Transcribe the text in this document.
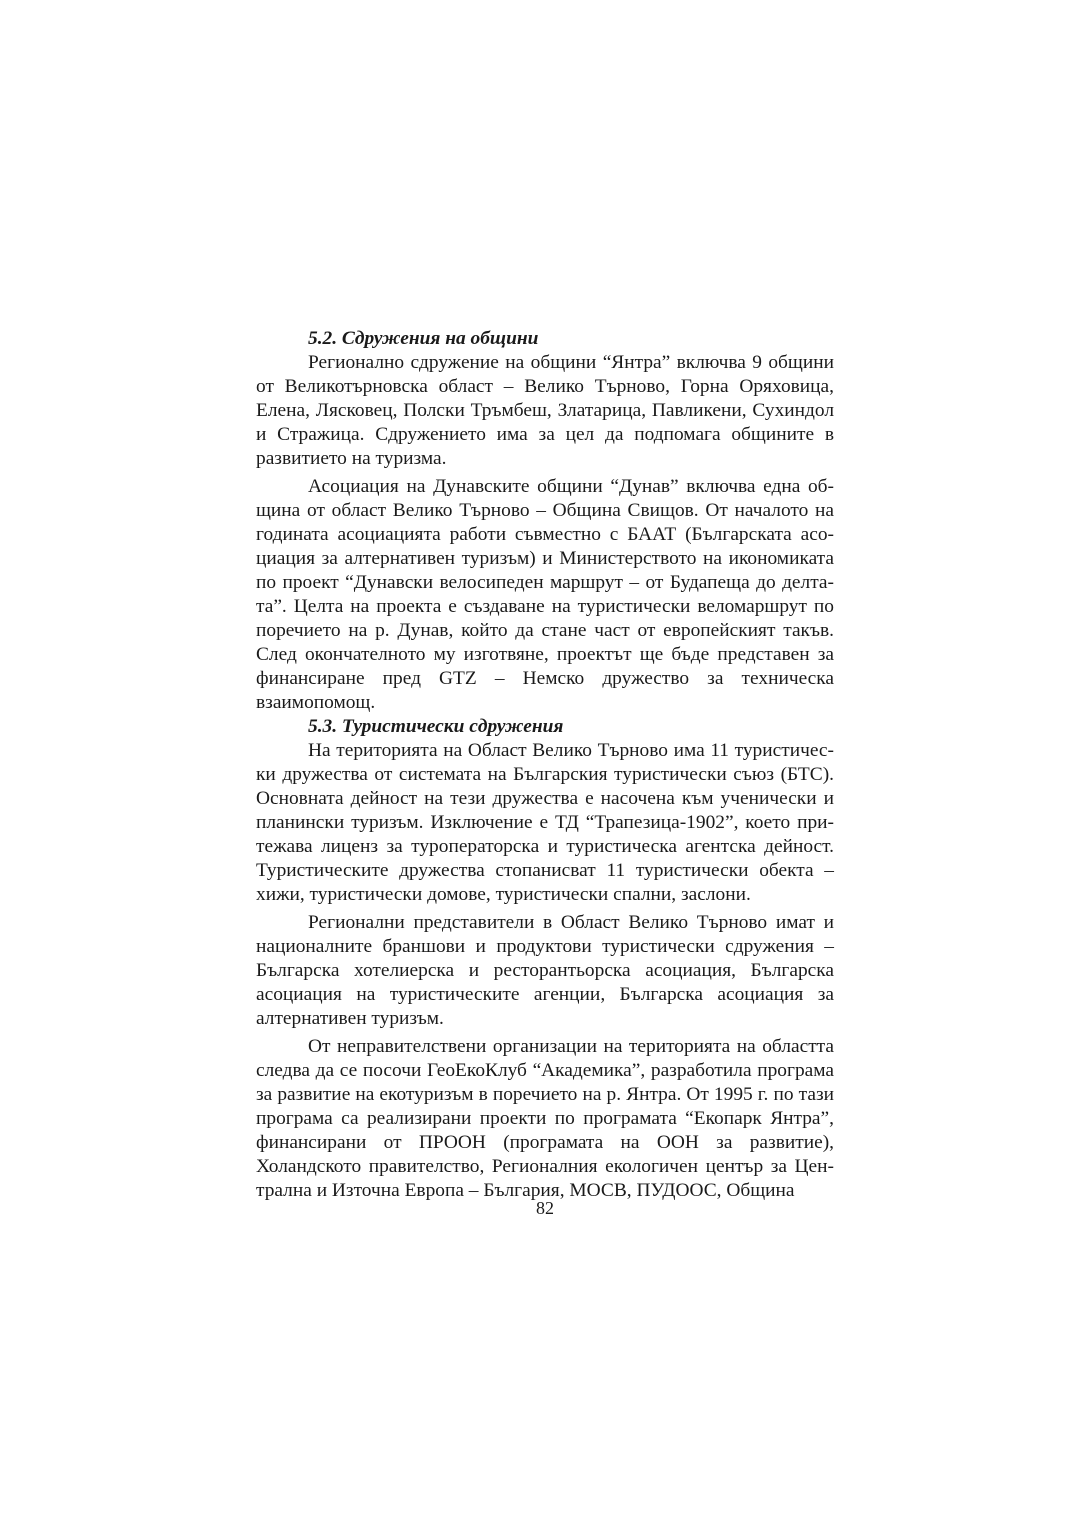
5.2. Сдружения на общини

Регионално сдружение на общини “Янтра” включва 9 общини от Великотърновска област – Велико Търново, Горна Оряховица, Елена, Лясковец, Полски Тръмбеш, Златарица, Павликени, Сухиндол и Стражица. Сдружението има за цел да подпомага общините в развитието на туризма.

Асоциация на Дунавските общини “Дунав” включва една община от област Велико Търново – Община Свищов. От началото на годината асоциацията работи съвместно с БААТ (Българската асоциация за алтернативен туризъм) и Министерството на икономиката по проект “Дунавски велосипеден маршрут – от Будапеща до делтата”. Целта на проекта е създаване на туристически веломаршрут по поречието на р. Дунав, който да стане част от европейският такъв. След окончателното му изготвяне, проектът ще бъде представен за финансиране пред GTZ – Немско дружество за техническа взаимопомощ.

5.3. Туристически сдружения

На територията на Област Велико Търново има 11 туристически дружества от системата на Българския туристически съюз (БТС). Основната дейност на тези дружества е насочена към ученически и планински туризъм. Изключение е ТД “Трапезица-1902”, което притежава лиценз за туроператорска и туристическа агентска дейност. Туристическите дружества стопанисват 11 туристически обекта – хижи, туристически домове, туристически спални, заслони.

Регионални представители в Област Велико Търново имат и националните браншови и продуктови туристически сдружения – Българска хотелиерска и ресторантьорска асоциация, Българска асоциация на туристическите агенции, Българска асоциация за алтернативен туризъм.

От неправителствени организации на територията на областта следва да се посочи ГеоЕкоКлуб “Академика”, разработила програма за развитие на екотуризъм в поречието на р. Янтра. От 1995 г. по тази програма са реализирани проекти по програмата “Екопарк Янтра”, финансирани от ПРООН (програмата на ООН за развитие), Холандското правителство, Регионалния екологичен център за Централна и Източна Европа – България, МОСВ, ПУДООС, Община

82
